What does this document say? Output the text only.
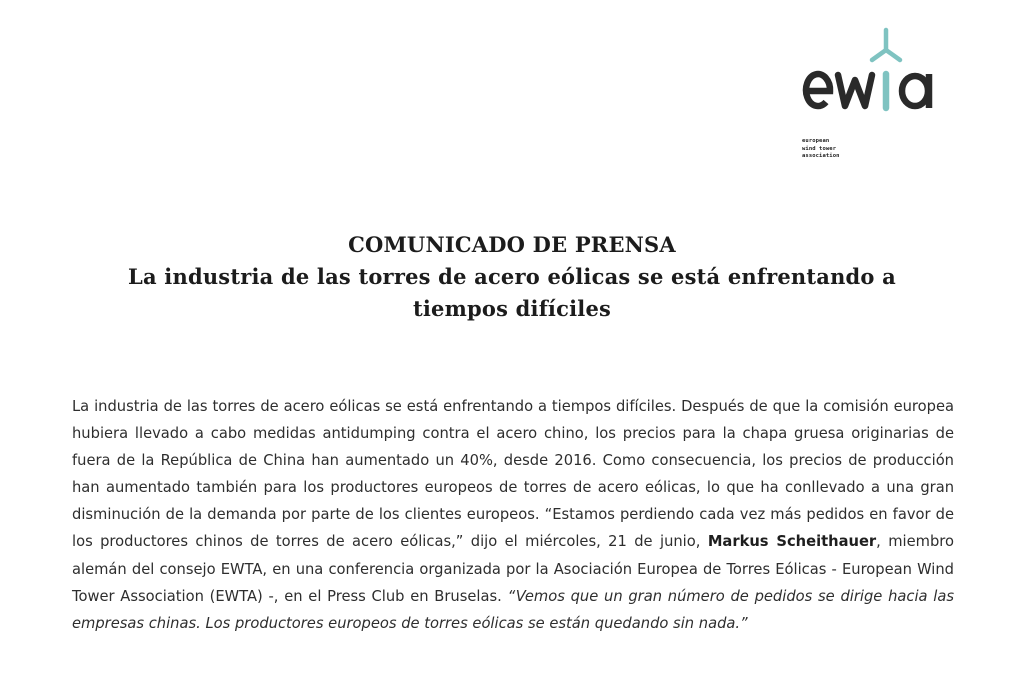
european
wind tower
association
COMUNICADO DE PRENSA
La industria de las torres de acero eólicas se está enfrentando a
tiempos difíciles

La industria de las torres de acero eólicas se está enfrentando a tiempos difíciles. Después de que la comisión europea hubiera llevado a cabo medidas antidumping contra el acero chino, los precios para la chapa gruesa originarias de fuera de la República de China han aumentado un 40%, desde 2016. Como consecuencia, los precios de producción han aumentado también para los productores europeos de torres de acero eólicas, lo que ha conllevado a una gran disminución de la demanda por parte de los clientes europeos. “Estamos perdiendo cada vez más pedidos en favor de los productores chinos de torres de acero eólicas,” dijo el miércoles, 21 de junio, Markus Scheithauer, miembro alemán del consejo EWTA, en una conferencia organizada por la Asociación Europea de Torres Eólicas - European Wind Tower Association (EWTA) -, en el Press Club en Bruselas. “Vemos que un gran número de pedidos se dirige hacia las empresas chinas. Los productores europeos de torres eólicas se están quedando sin nada.”
